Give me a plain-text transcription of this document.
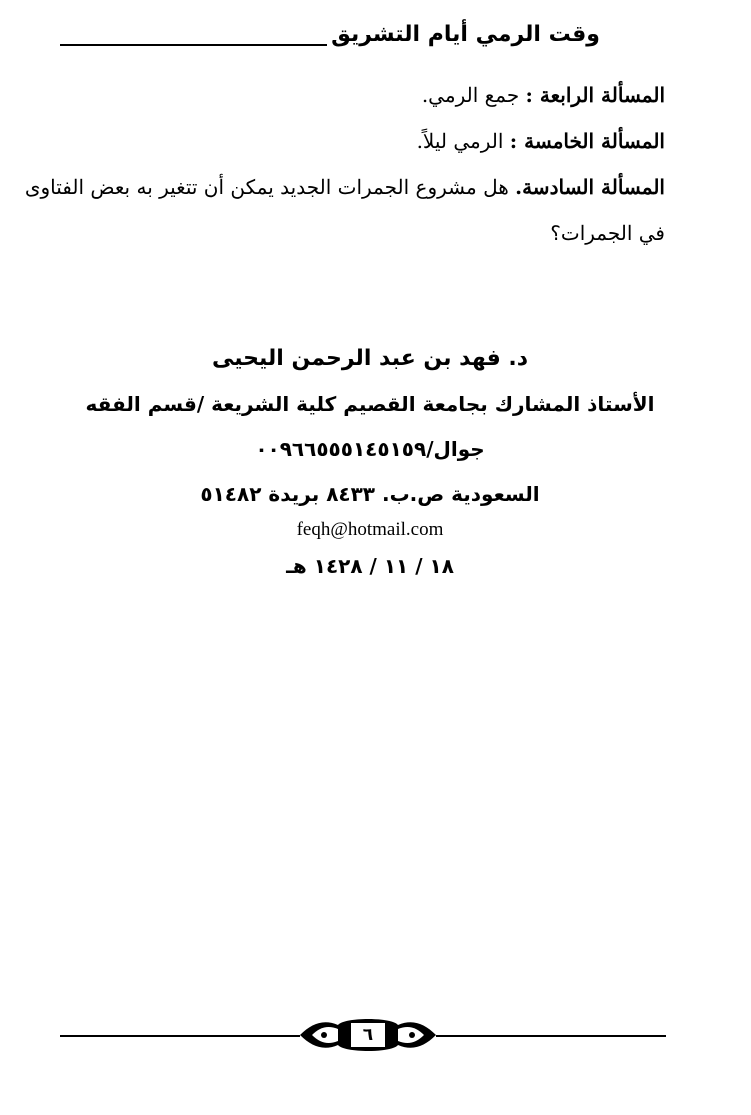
وقت الرمي أيام التشريق
المسألة الرابعة : جمع الرمي.
المسألة الخامسة : الرمي ليلاً.
المسألة السادسة. هل مشروع الجمرات الجديد يمكن أن تتغير به بعض الفتاوى
في الجمرات؟
د. فهد بن عبد الرحمن اليحيى
الأستاذ المشارك بجامعة القصيم كلية الشريعة /قسم الفقه
جوال/٠٠٩٦٦٥٥٥١٤٥١٥٩
السعودية ص.ب. ٨٤٣٣ بريدة ٥١٤٨٢
feqh@hotmail.com
١٨ / ١١ / ١٤٢٨ هـ
٦
